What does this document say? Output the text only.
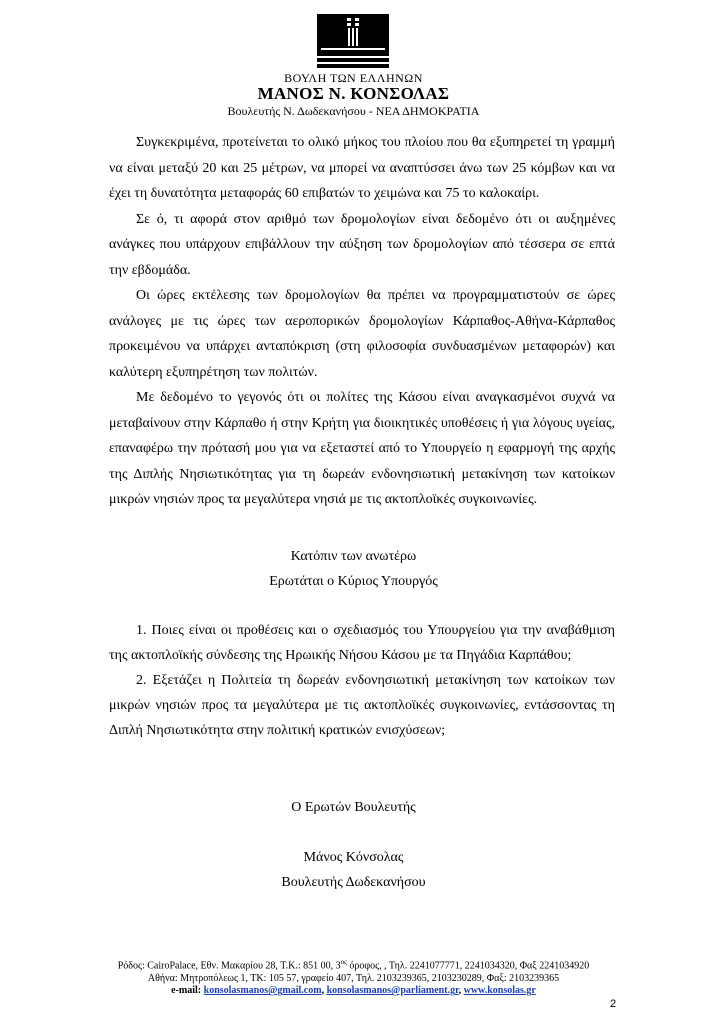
ΒΟΥΛΗ ΤΩΝ ΕΛΛΗΝΩΝ
ΜΑΝΟΣ Ν. ΚΟΝΣΟΛΑΣ
Βουλευτής Ν. Δωδεκανήσου - ΝΕΑ ΔΗΜΟΚΡΑΤΙΑ

Συγκεκριμένα, προτείνεται το ολικό μήκος του πλοίου που θα εξυπηρετεί τη γραμμή να είναι μεταξύ 20 και 25 μέτρων, να μπορεί να αναπτύσσει άνω των 25 κόμβων και να έχει τη δυνατότητα μεταφοράς 60 επιβατών το χειμώνα και 75 το καλοκαίρι.

Σε ό, τι αφορά στον αριθμό των δρομολογίων είναι δεδομένο ότι οι αυξημένες ανάγκες που υπάρχουν επιβάλλουν την αύξηση των δρομολογίων από τέσσερα σε επτά την εβδομάδα.

Οι ώρες εκτέλεσης των δρομολογίων θα πρέπει να προγραμματιστούν σε ώρες ανάλογες με τις ώρες των αεροπορικών δρομολογίων Κάρπαθος-Αθήνα-Κάρπαθος προκειμένου να υπάρχει ανταπόκριση (στη φιλοσοφία συνδυασμένων μεταφορών) και καλύτερη εξυπηρέτηση των πολιτών.

Με δεδομένο το γεγονός ότι οι πολίτες της Κάσου είναι αναγκασμένοι συχνά να μεταβαίνουν στην Κάρπαθο ή στην Κρήτη για διοικητικές υποθέσεις ή για λόγους υγείας, επαναφέρω την πρότασή μου για να εξεταστεί από το Υπουργείο η εφαρμογή της αρχής της Διπλής Νησιωτικότητας για τη δωρεάν ενδονησιωτική μετακίνηση των κατοίκων μικρών νησιών προς τα μεγαλύτερα νησιά με τις ακτοπλοϊκές συγκοινωνίες.

Κατόπιν των ανωτέρω
Ερωτάται ο Κύριος Υπουργός

1. Ποιες είναι οι προθέσεις και ο σχεδιασμός του Υπουργείου για την αναβάθμιση της ακτοπλοϊκής σύνδεσης της Ηρωικής Νήσου Κάσου με τα Πηγάδια Καρπάθου;

2. Εξετάζει η Πολιτεία τη δωρεάν ενδονησιωτική μετακίνηση των κατοίκων των μικρών νησιών προς τα μεγαλύτερα με τις ακτοπλοϊκές συγκοινωνίες, εντάσσοντας τη Διπλή Νησιωτικότητα στην πολιτική κρατικών ενισχύσεων;

Ο Ερωτών Βουλευτής
Μάνος Κόνσολας
Βουλευτής Δωδεκανήσου
Ρόδος: CairoPalace, Εθν. Μακαρίου 28, Τ.Κ.: 851 00, $3^{o\varsigma}$ όροφος, , Τηλ. 2241077771, 2241034320, Φαξ 2241034920
Αθήνα: Μητροπόλεως 1, ΤΚ: 105 57, γραφείο 407, Τηλ. 2103239365, 2103230289, Φαξ: 2103239365
e-mail: konsolasmanos@gmail.com, konsolasmanos@parliament.gr, www.konsolas.gr
2
